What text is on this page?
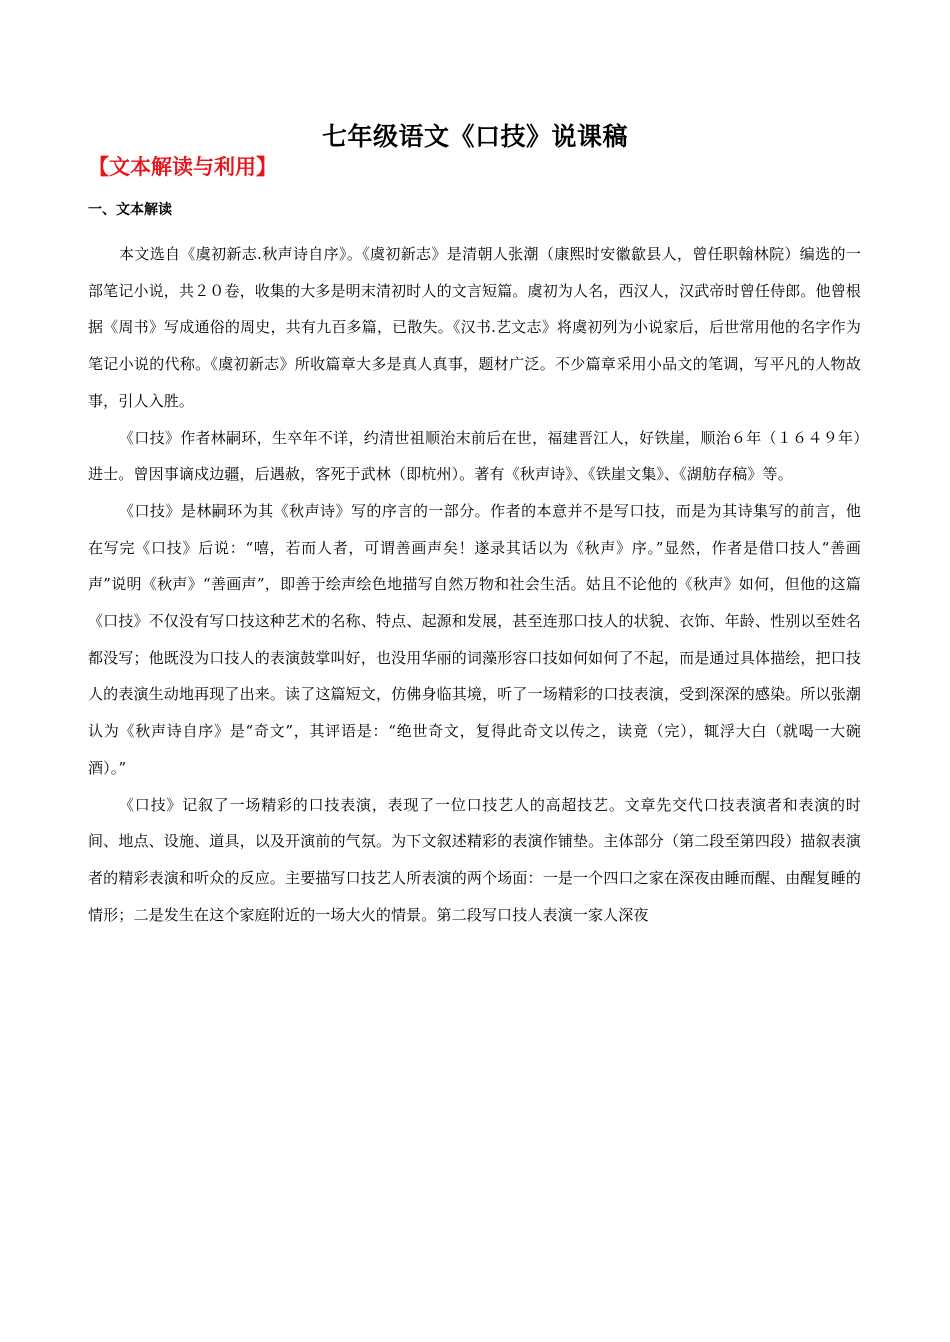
七年级语文《口技》说课稿
【文本解读与利用】
一、文本解读

本文选自《虞初新志.秋声诗自序》。《虞初新志》是清朝人张潮（康熙时安徽歙县人，曾任职翰林院）编选的一部笔记小说，共２０卷，收集的大多是明末清初时人的文言短篇。虞初为人名，西汉人，汉武帝时曾任侍郎。他曾根据《周书》写成通俗的周史，共有九百多篇，已散失。《汉书.艺文志》将虞初列为小说家后，后世常用他的名字作为笔记小说的代称。《虞初新志》所收篇章大多是真人真事，题材广泛。不少篇章采用小品文的笔调，写平凡的人物故事，引人入胜。

《口技》作者林嗣环，生卒年不详，约清世祖顺治末前后在世，福建晋江人，好铁崖，顺治６年（１６４９年）进士。曾因事谪戍边疆，后遇赦，客死于武林（即杭州）。著有《秋声诗》、《铁崖文集》、《湖舫存稿》等。

《口技》是林嗣环为其《秋声诗》写的序言的一部分。作者的本意并不是写口技，而是为其诗集写的前言，他在写完《口技》后说：“嘻，若而人者，可谓善画声矣！遂录其话以为《秋声》序。”显然，作者是借口技人“善画声”说明《秋声》“善画声”，即善于绘声绘色地描写自然万物和社会生活。姑且不论他的《秋声》如何，但他的这篇《口技》不仅没有写口技这种艺术的名称、特点、起源和发展，甚至连那口技人的状貌、衣饰、年龄、性别以至姓名都没写；他既没为口技人的表演鼓掌叫好，也没用华丽的词藻形容口技如何如何了不起，而是通过具体描绘，把口技人的表演生动地再现了出来。读了这篇短文，仿佛身临其境，听了一场精彩的口技表演，受到深深的感染。所以张潮认为《秋声诗自序》是“奇文”，其评语是：“绝世奇文，复得此奇文以传之，读竟（完），辄浮大白（就喝一大碗酒）。”

《口技》记叙了一场精彩的口技表演，表现了一位口技艺人的高超技艺。文章先交代口技表演者和表演的时间、地点、设施、道具，以及开演前的气氛。为下文叙述精彩的表演作铺垫。主体部分（第二段至第四段）描叙表演者的精彩表演和听众的反应。主要描写口技艺人所表演的两个场面：一是一个四口之家在深夜由睡而醒、由醒复睡的情形；二是发生在这个家庭附近的一场大火的情景。第二段写口技人表演一家人深夜
